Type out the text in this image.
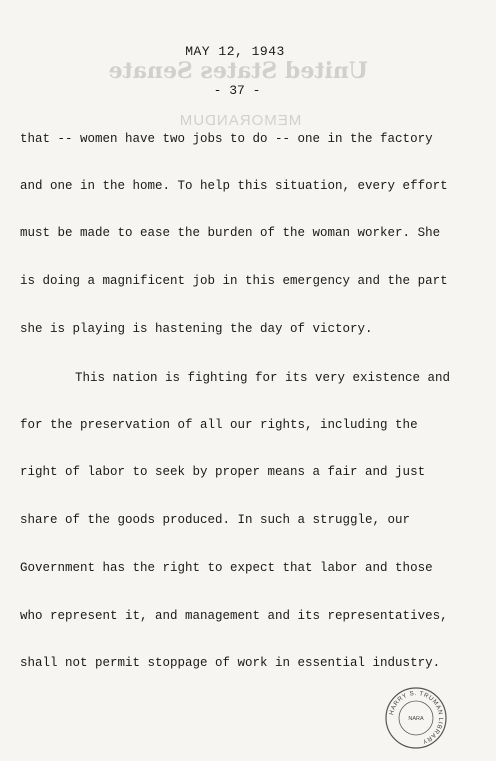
United States Senate
MEMORANDUM
MAY 12, 1943
- 37 -
that -- women have two jobs to do -- one in the factory
and one in the home. To help this situation, every effort
must be made to ease the burden of the woman worker. She
is doing a magnificent job in this emergency and the part
she is playing is hastening the day of victory.
This nation is fighting for its very existence and
for the preservation of all our rights, including the
right of labor to seek by proper means a fair and just
share of the goods produced. In such a struggle, our
Government has the right to expect that labor and those
who represent it, and management and its representatives,
shall not permit stoppage of work in essential industry.
HARRY S. TRUMAN LIBRARY
NARA
